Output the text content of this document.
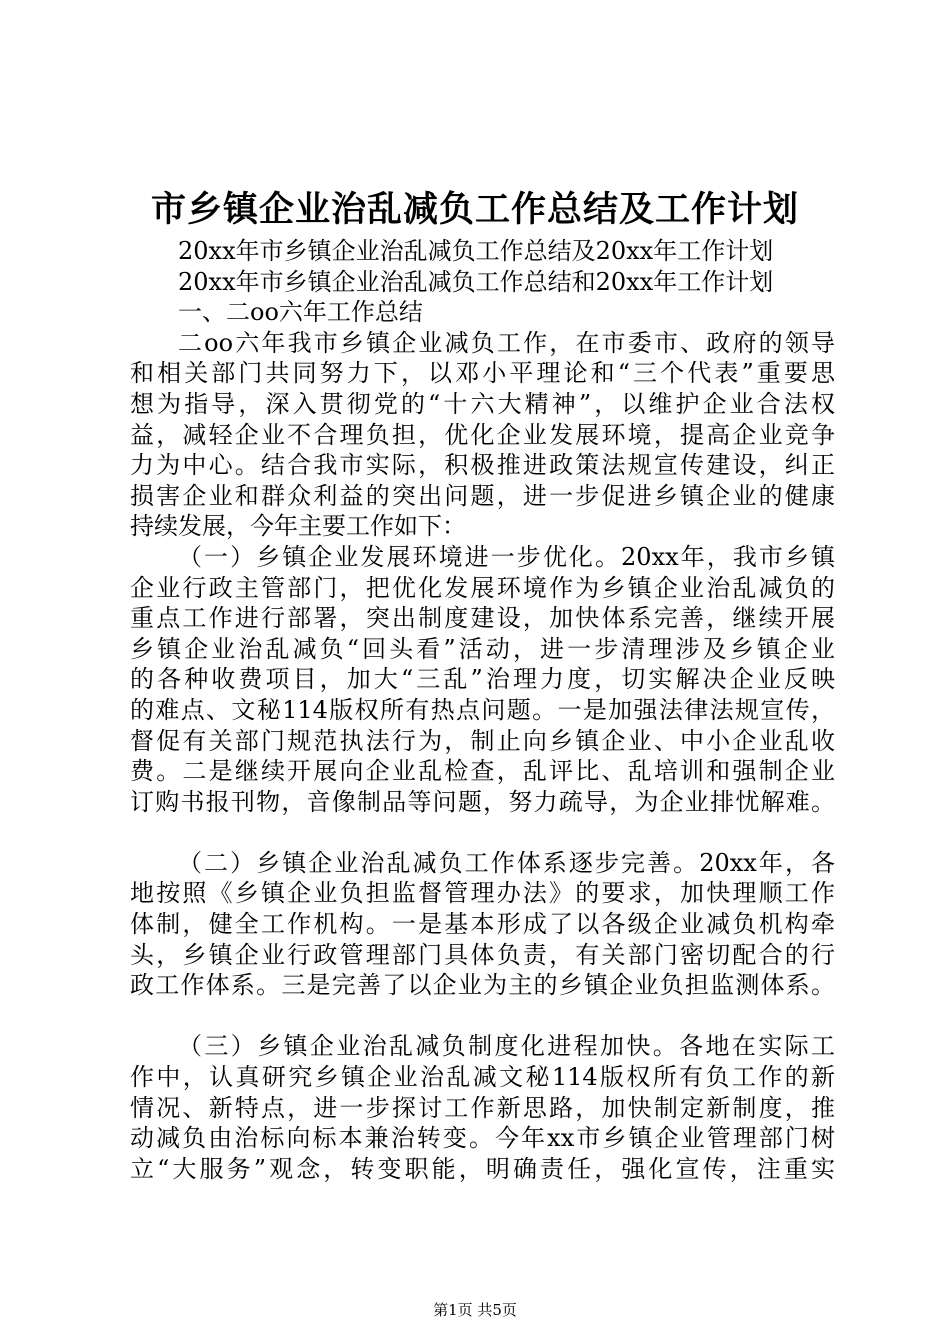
市乡镇企业治乱减负工作总结及工作计划
20xx年市乡镇企业治乱减负工作总结及20xx年工作计划
20xx年市乡镇企业治乱减负工作总结和20xx年工作计划
一、二oo六年工作总结
二oo六年我市乡镇企业减负工作，在市委市、政府的领导
和相关部门共同努力下，以邓小平理论和“三个代表”重要思
想为指导，深入贯彻党的“十六大精神”，以维护企业合法权
益，减轻企业不合理负担，优化企业发展环境，提高企业竞争
力为中心。结合我市实际，积极推进政策法规宣传建设，纠正
损害企业和群众利益的突出问题，进一步促进乡镇企业的健康
持续发展，今年主要工作如下：
（一）乡镇企业发展环境进一步优化。20xx年，我市乡镇
企业行政主管部门，把优化发展环境作为乡镇企业治乱减负的
重点工作进行部署，突出制度建设，加快体系完善，继续开展
乡镇企业治乱减负“回头看”活动，进一步清理涉及乡镇企业
的各种收费项目，加大“三乱”治理力度，切实解决企业反映
的难点、文秘114版权所有热点问题。一是加强法律法规宣传，
督促有关部门规范执法行为，制止向乡镇企业、中小企业乱收
费。二是继续开展向企业乱检查，乱评比、乱培训和强制企业
订购书报刊物，音像制品等问题，努力疏导，为企业排忧解难。
（二）乡镇企业治乱减负工作体系逐步完善。20xx年，各
地按照《乡镇企业负担监督管理办法》的要求，加快理顺工作
体制，健全工作机构。一是基本形成了以各级企业减负机构牵
头，乡镇企业行政管理部门具体负责，有关部门密切配合的行
政工作体系。三是完善了以企业为主的乡镇企业负担监测体系。
（三）乡镇企业治乱减负制度化进程加快。各地在实际工
作中，认真研究乡镇企业治乱减文秘114版权所有负工作的新
情况、新特点，进一步探讨工作新思路，加快制定新制度，推
动减负由治标向标本兼治转变。今年xx市乡镇企业管理部门树
立“大服务”观念，转变职能，明确责任，强化宣传，注重实
第1页 共5页
